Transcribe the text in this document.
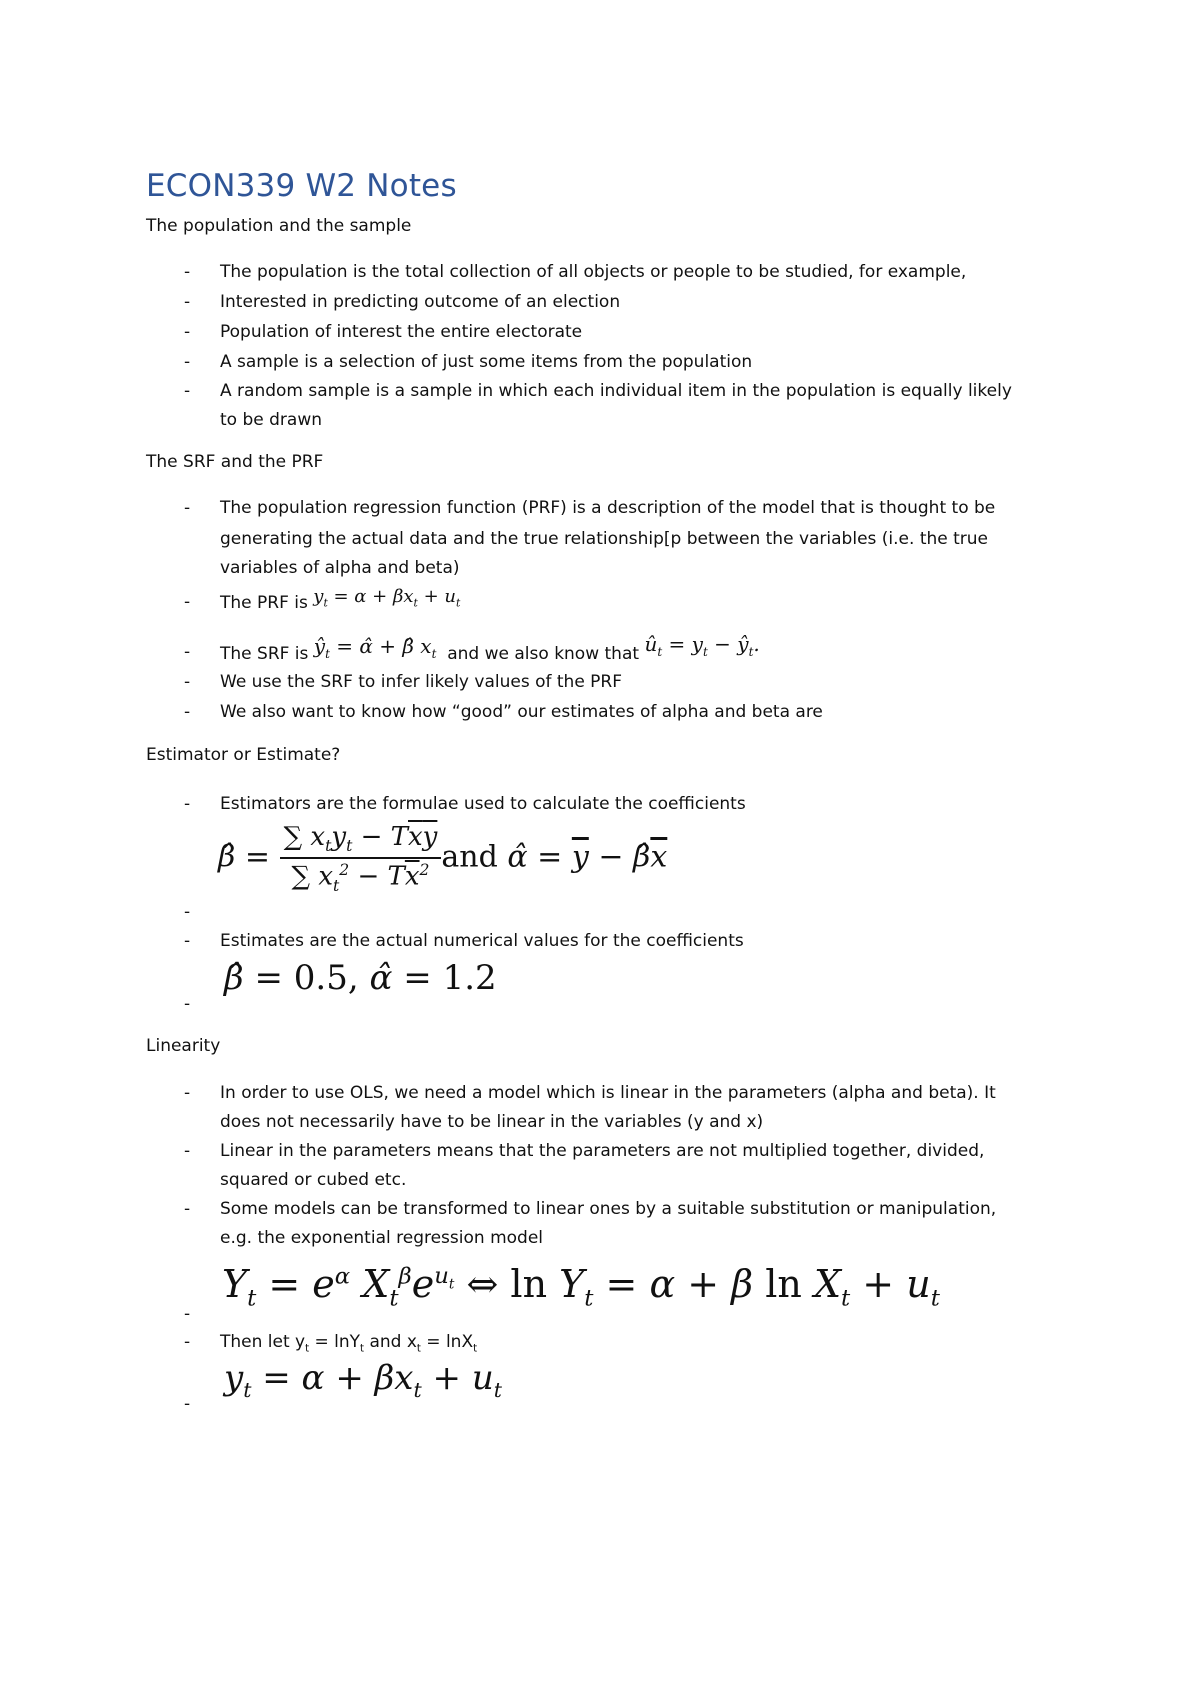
ECON339 W2 Notes

The population and the sample

- The population is the total collection of all objects or people to be studied, for example,
- Interested in predicting outcome of an election
- Population of interest the entire electorate
- A sample is a selection of just some items from the population
- A random sample is a sample in which each individual item in the population is equally likely
to be drawn

The SRF and the PRF

- The population regression function (PRF) is a description of the model that is thought to be
generating the actual data and the true relationship[p between the variables (i.e. the true
variables of alpha and beta)
- The PRF is $y_t = \alpha + \beta x_t + u_t$
- The SRF is $ŷ_t$ = α̂ + β̂ $x_t$ and we also know that $û_t = y_t$ − $ŷ_t$.
- We use the SRF to infer likely values of the PRF
- We also want to know how “good” our estimates of alpha and beta are

Estimator or Estimate?

- Estimators are the formulae used to calculate the coefficients
-
β̂ = $\frac{\sum x_ty_t - T\overline{x}\overline{y}}{\sum x_t^2 - T\overline{x}^2}$ and α̂ = $\overline{y}$ − $\betâ\overline{x}$
- Estimates are the actual numerical values for the coefficients
-
β̂ = 0.5, α̂ = 1.2

Linearity

- In order to use OLS, we need a model which is linear in the parameters (alpha and beta). It
does not necessarily have to be linear in the variables (y and x)
- Linear in the parameters means that the parameters are not multiplied together, divided,
squared or cubed etc.
- Some models can be transformed to linear ones by a suitable substitution or manipulation,
e.g. the exponential regression model
-
$Y_t = e^\alpha$ $X_t^\beta e^{u_t}$ ⇔ $\ln Y_t = \alpha + \beta$ $\ln X_t + u_t$
- Then let $y_t = \ln Y_t$ and $x_t = \ln X_t$
-
$y_t = \alpha + \beta x_t + u_t$
